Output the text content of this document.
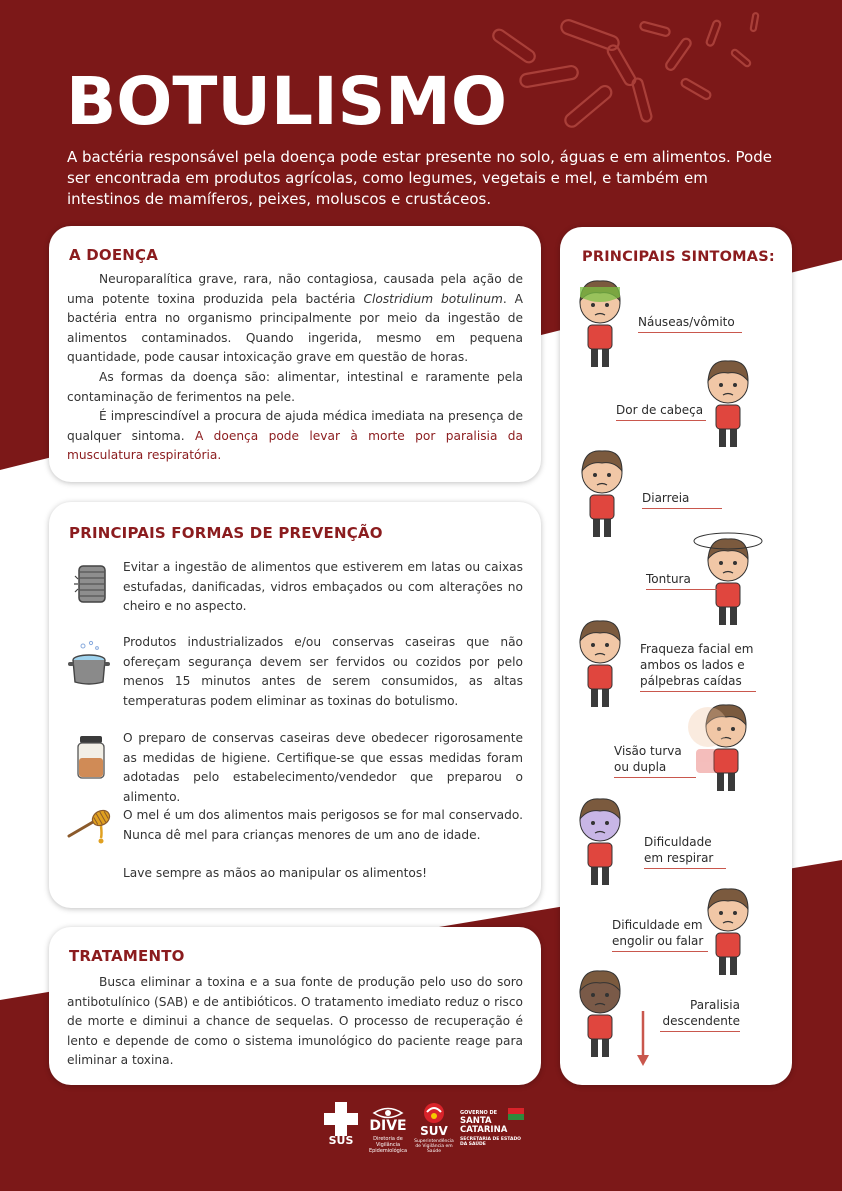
BOTULISMO
A bactéria responsável pela doença pode estar presente no solo, águas e em alimentos. Pode ser encontrada em produtos agrícolas, como legumes, vegetais e mel, e também em intestinos de mamíferos, peixes, moluscos e crustáceos.
A DOENÇA

Neuroparalítica grave, rara, não contagiosa, causada pela ação de uma potente toxina produzida pela bactéria Clostridium botulinum. A bactéria entra no organismo principalmente por meio da ingestão de alimentos contaminados. Quando ingerida, mesmo em pequena quantidade, pode causar intoxicação grave em questão de horas.

As formas da doença são: alimentar, intestinal e raramente pela contaminação de ferimentos na pele.

É imprescindível a procura de ajuda médica imediata na presença de qualquer sintoma. A doença pode levar à morte por paralisia da musculatura respiratória.

PRINCIPAIS FORMAS DE PREVENÇÃO
Evitar a ingestão de alimentos que estiverem em latas ou caixas estufadas, danificadas, vidros embaçados ou com alterações no cheiro e no aspecto.
Produtos industrializados e/ou conservas caseiras que não ofereçam segurança devem ser fervidos ou cozidos por pelo menos 15 minutos antes de serem consumidos, as altas temperaturas podem eliminar as toxinas do botulismo.
O preparo de conservas caseiras deve obedecer rigorosamente as medidas de higiene. Certifique-se que essas medidas foram adotadas pelo estabelecimento/vendedor que preparou o alimento.
O mel é um dos alimentos mais perigosos se for mal conservado. Nunca dê mel para crianças menores de um ano de idade.
Lave sempre as mãos ao manipular os alimentos!
TRATAMENTO

Busca eliminar a toxina e a sua fonte de produção pelo uso do soro antibotulínico (SAB) e de antibióticos. O tratamento imediato reduz o risco de morte e diminui a chance de sequelas. O processo de recuperação é lento e depende de como o sistema imunológico do paciente reage para eliminar a toxina.

PRINCIPAIS SINTOMAS:
Náuseas/vômito
Dor de cabeça
Diarreia
Tontura
Fraqueza facial em ambos os lados e pálpebras caídas
Visão turva ou dupla
Dificuldade em respirar
Dificuldade em engolir ou falar
Paralisia descendente
SUS
DIVE
Diretoria de Vigilância Epidemiológica
SUV
Superintendência de Vigilância em Saúde
GOVERNO DE
SANTA CATARINA
SECRETARIA DE ESTADO DA SAÚDE
